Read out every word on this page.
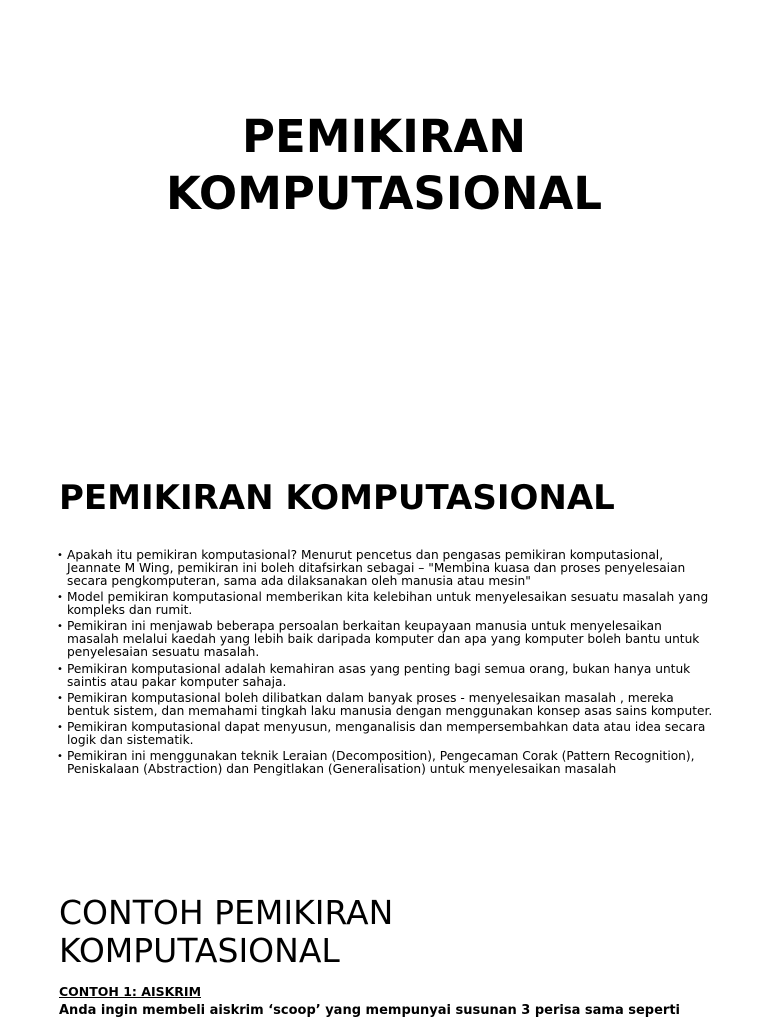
PEMIKIRAN
KOMPUTASIONAL
PEMIKIRAN KOMPUTASIONAL
• Apakah itu pemikiran komputasional? Menurut pencetus dan pengasas pemikiran komputasional, Jeannate M Wing, pemikiran ini boleh ditafsirkan sebagai – "Membina kuasa dan proses penyelesaian secara pengkomputeran, sama ada dilaksanakan oleh manusia atau mesin"
• Model pemikiran komputasional memberikan kita kelebihan untuk menyelesaikan sesuatu masalah yang kompleks dan rumit.
• Pemikiran ini menjawab beberapa persoalan berkaitan keupayaan manusia untuk menyelesaikan masalah melalui kaedah yang lebih baik daripada komputer dan apa yang komputer boleh bantu untuk penyelesaian sesuatu masalah.
• Pemikiran komputasional adalah kemahiran asas yang penting bagi semua orang, bukan hanya untuk saintis atau pakar komputer sahaja.
• Pemikiran komputasional boleh dilibatkan dalam banyak proses - menyelesaikan masalah , mereka bentuk sistem, dan memahami tingkah laku manusia dengan menggunakan konsep asas sains komputer.
• Pemikiran komputasional dapat menyusun, menganalisis dan mempersembahkan data atau idea secara logik dan sistematik.
• Pemikiran ini menggunakan teknik Leraian (Decomposition), Pengecaman Corak (Pattern Recognition), Peniskalaan (Abstraction) dan Pengitlakan (Generalisation) untuk menyelesaikan masalah
CONTOH PEMIKIRAN
KOMPUTASIONAL

CONTOH 1: AISKRIM

Anda ingin membeli aiskrim ‘scoop’ yang mempunyai susunan 3 perisa sama seperti
